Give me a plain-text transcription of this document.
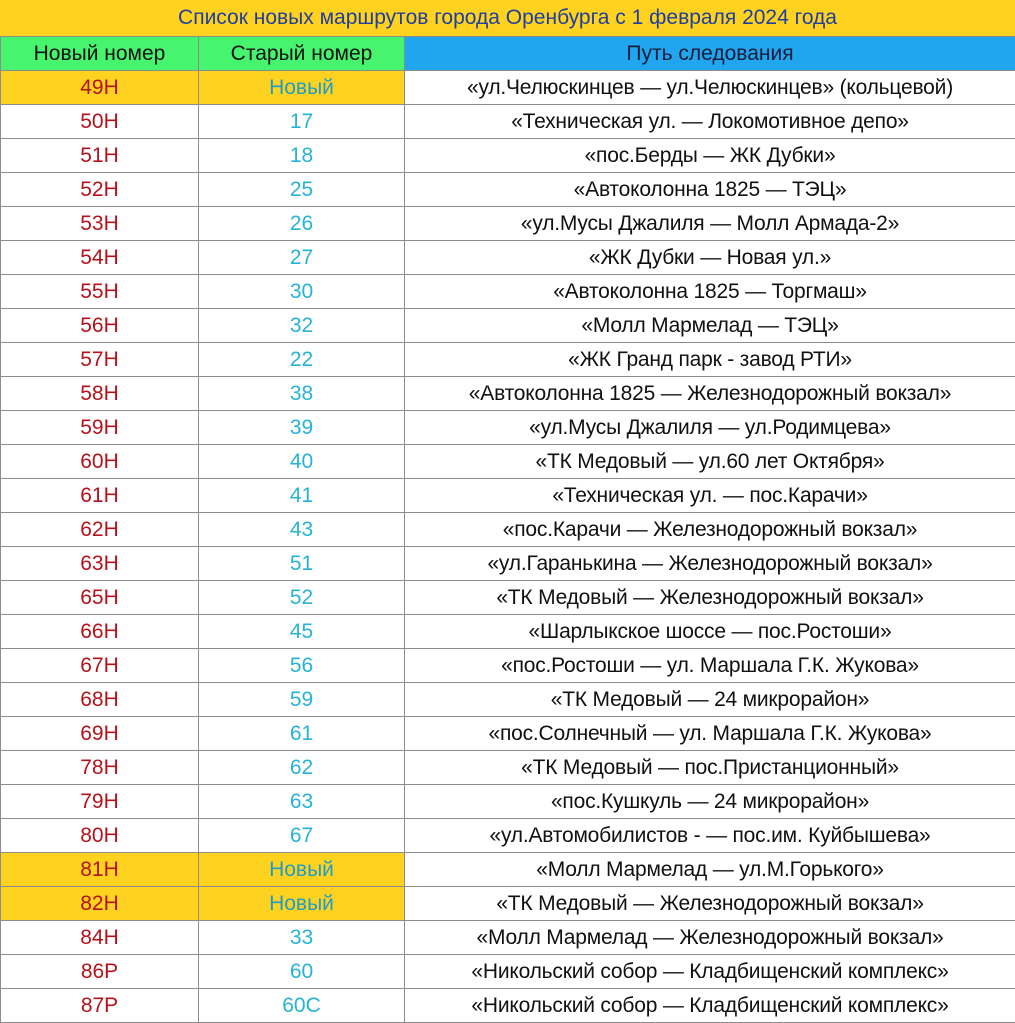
Список новых маршрутов города Оренбурга с 1 февраля 2024 года
Новый номер	Старый номер	Путь следования
49Н	Новый	«ул.Челюскинцев — ул.Челюскинцев» (кольцевой)
50Н	17	«Техническая ул. — Локомотивное депо»
51Н	18	«пос.Берды — ЖК Дубки»
52Н	25	«Автоколонна 1825 — ТЭЦ»
53Н	26	«ул.Мусы Джалиля — Молл Армада-2»
54Н	27	«ЖК Дубки — Новая ул.»
55Н	30	«Автоколонна 1825 — Торгмаш»
56Н	32	«Молл Мармелад — ТЭЦ»
57Н	22	«ЖК Гранд парк - завод РТИ»
58Н	38	«Автоколонна 1825 — Железнодорожный вокзал»
59Н	39	«ул.Мусы Джалиля — ул.Родимцева»
60Н	40	«ТК Медовый — ул.60 лет Октября»
61Н	41	«Техническая ул. — пос.Карачи»
62Н	43	«пос.Карачи — Железнодорожный вокзал»
63Н	51	«ул.Гаранькина — Железнодорожный вокзал»
65Н	52	«ТК Медовый — Железнодорожный вокзал»
66Н	45	«Шарлыкское шоссе — пос.Ростоши»
67Н	56	«пос.Ростоши — ул. Маршала Г.К. Жукова»
68Н	59	«ТК Медовый — 24 микрорайон»
69Н	61	«пос.Солнечный — ул. Маршала Г.К. Жукова»
78Н	62	«ТК Медовый — пос.Пристанционный»
79Н	63	«пос.Кушкуль — 24 микрорайон»
80Н	67	«ул.Автомобилистов - — пос.им. Куйбышева»
81Н	Новый	«Молл Мармелад — ул.М.Горького»
82Н	Новый	«ТК Медовый — Железнодорожный вокзал»
84Н	33	«Молл Мармелад — Железнодорожный вокзал»
86Р	60	«Никольский собор — Кладбищенский комплекс»
87Р	60С	«Никольский собор — Кладбищенский комплекс»
